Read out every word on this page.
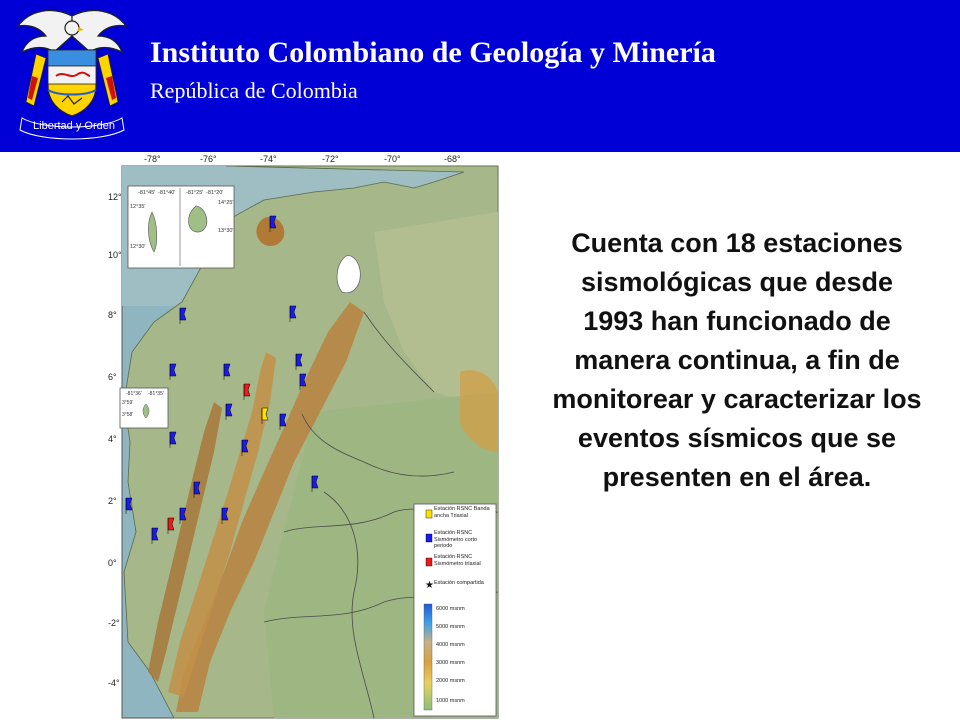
Libertad y Orden
Instituto Colombiano de Geología y Minería
República de Colombia
-78°	-76°	-74°	-72°	-70°	-68°
12°
10°
8°
6°
4°
2°
0°
-2°
-4°
-81°45' -81°40'
12°35'
12°30'
-81°25' -81°20'
14°25'
13°30'
-81°36' -81°35'
3°59'
3°58'
★
Estación RSNC Banda ancha Triaxial
Estación RSNC Sismómetro corto periodo
Estación RSNC Sismómetro triaxial
Estación compartida
6000 msnm
5000 msnm
4000 msnm
3000 msnm
2000 msnm
1000 msnm
Cuenta con 18 estaciones sismológicas que desde 1993 han funcionado de manera continua, a fin de monitorear y caracterizar los eventos sísmicos que se presenten en el área.
